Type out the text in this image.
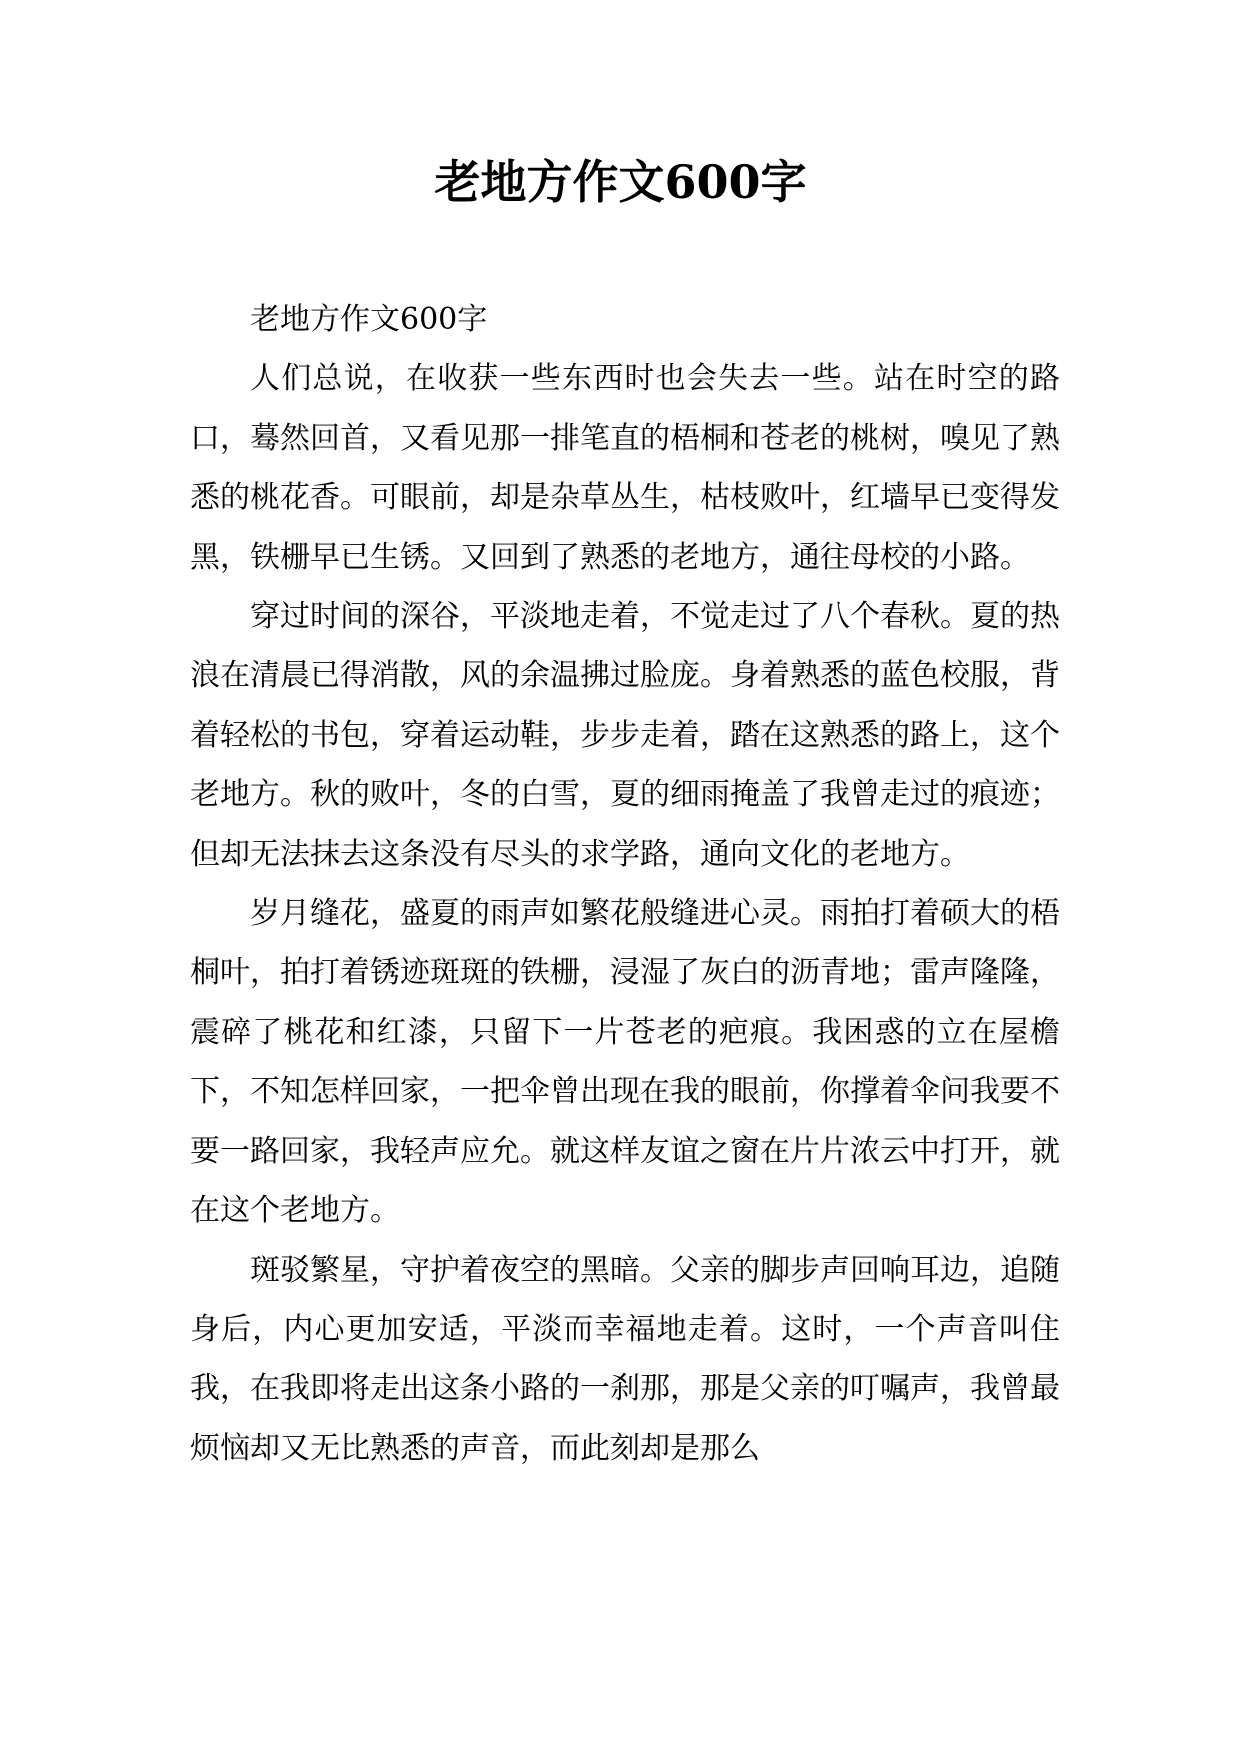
老地方作文600字

老地方作文600字

人们总说，在收获一些东西时也会失去一些。站在时空的路口，蓦然回首，又看见那一排笔直的梧桐和苍老的桃树，嗅见了熟悉的桃花香。可眼前，却是杂草丛生，枯枝败叶，红墙早已变得发黑，铁栅早已生锈。又回到了熟悉的老地方，通往母校的小路。

穿过时间的深谷，平淡地走着，不觉走过了八个春秋。夏的热浪在清晨已得消散，风的余温拂过脸庞。身着熟悉的蓝色校服，背着轻松的书包，穿着运动鞋，步步走着，踏在这熟悉的路上，这个老地方。秋的败叶，冬的白雪，夏的细雨掩盖了我曾走过的痕迹；但却无法抹去这条没有尽头的求学路，通向文化的老地方。

岁月缝花，盛夏的雨声如繁花般缝进心灵。雨拍打着硕大的梧桐叶，拍打着锈迹斑斑的铁栅，浸湿了灰白的沥青地；雷声隆隆，震碎了桃花和红漆，只留下一片苍老的疤痕。我困惑的立在屋檐下，不知怎样回家，一把伞曾出现在我的眼前，你撑着伞问我要不要一路回家，我轻声应允。就这样友谊之窗在片片浓云中打开，就在这个老地方。

斑驳繁星，守护着夜空的黑暗。父亲的脚步声回响耳边，追随身后，内心更加安适，平淡而幸福地走着。这时，一个声音叫住我，在我即将走出这条小路的一刹那，那是父亲的叮嘱声，我曾最烦恼却又无比熟悉的声音，而此刻却是那么
